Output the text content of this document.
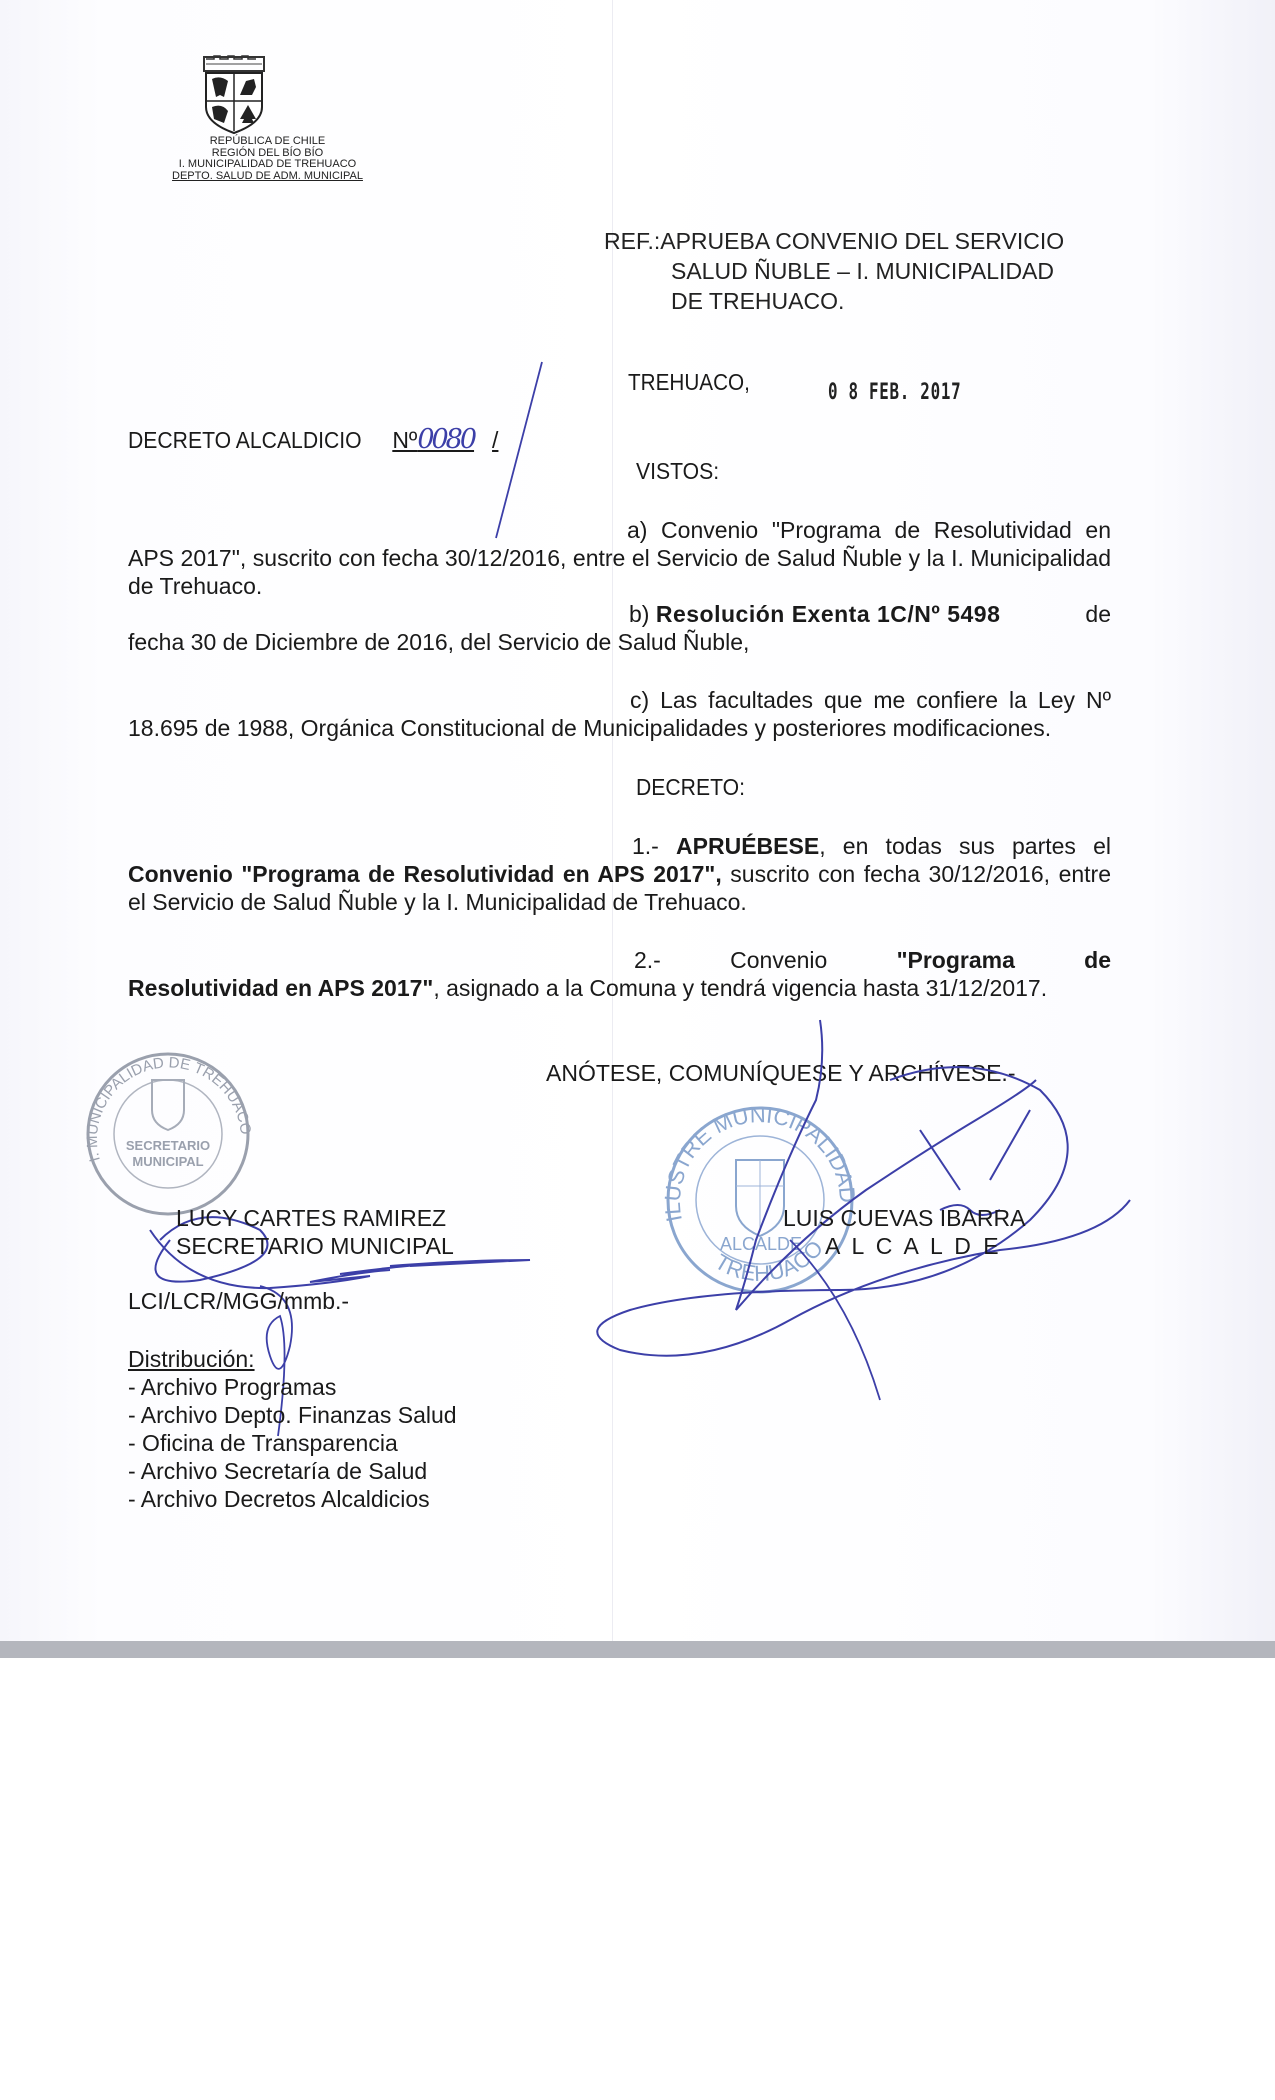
REPÚBLICA DE CHILE
REGIÓN DEL BÍO BÍO
I. MUNICIPALIDAD DE TREHUACO
DEPTO. SALUD DE ADM. MUNICIPAL
REF.:APRUEBA CONVENIO DEL SERVICIO
SALUD ÑUBLE – I. MUNICIPALIDAD
DE TREHUACO.
TREHUACO,	0 8 FEB. 2017
DECRETO ALCALDICIO Nº0080 /
VISTOS:
a) Convenio "Programa de Resolutividad en APS 2017", suscrito con fecha 30/12/2016, entre el Servicio de Salud Ñuble y la I. Municipalidad de Trehuaco.
b) Resolución Exenta 1C/Nº 5498	de
fecha 30 de Diciembre de 2016, del Servicio de Salud Ñuble,
c) Las facultades que me confiere la Ley Nº 18.695 de 1988, Orgánica Constitucional de Municipalidades y posteriores modificaciones.
DECRETO:
1.- APRUÉBESE, en todas sus partes el Convenio "Programa de Resolutividad en APS 2017", suscrito con fecha 30/12/2016, entre el Servicio de Salud Ñuble y la I. Municipalidad de Trehuaco.
2.-	Convenio	"Programa	de
Resolutividad en APS 2017", asignado a la Comuna y tendrá vigencia hasta 31/12/2017.
ANÓTESE, COMUNÍQUESE Y ARCHÍVESE.-
SECRETARIO
MUNICIPAL
I. MUNICIPALIDAD DE TREHUACO
ILUSTRE MUNICIPALIDAD
TREHUACO
ALCALDE
LUCY CARTES RAMIREZ
SECRETARIO MUNICIPAL
LUIS CUEVAS IBARRA
A L C A L D E
LCI/LCR/MGG/mmb.-
Distribución:
- Archivo Programas
- Archivo Depto. Finanzas Salud
- Oficina de Transparencia
- Archivo Secretaría de Salud
- Archivo Decretos Alcaldicios
